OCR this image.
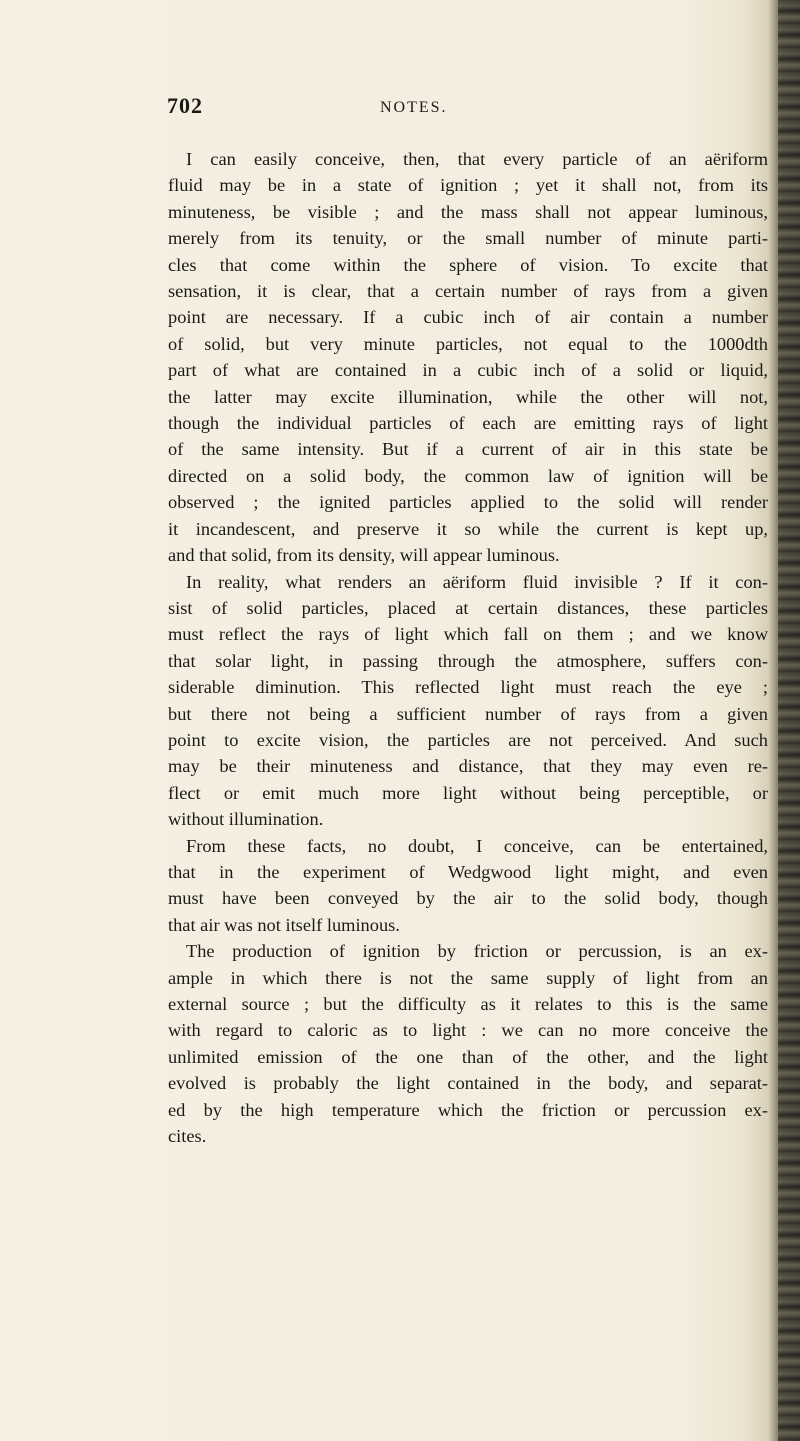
702	NOTES.
I can easily conceive, then, that every particle of an aëriform
fluid may be in a state of ignition ; yet it shall not, from its
minuteness, be visible ; and the mass shall not appear luminous,
merely from its tenuity, or the small number of minute parti-
cles that come within the sphere of vision. To excite that
sensation, it is clear, that a certain number of rays from a given
point are necessary. If a cubic inch of air contain a number
of solid, but very minute particles, not equal to the 1000dth
part of what are contained in a cubic inch of a solid or liquid,
the latter may excite illumination, while the other will not,
though the individual particles of each are emitting rays of light
of the same intensity. But if a current of air in this state be
directed on a solid body, the common law of ignition will be
observed ; the ignited particles applied to the solid will render
it incandescent, and preserve it so while the current is kept up,
and that solid, from its density, will appear luminous.
In reality, what renders an aëriform fluid invisible ? If it con-
sist of solid particles, placed at certain distances, these particles
must reflect the rays of light which fall on them ; and we know
that solar light, in passing through the atmosphere, suffers con-
siderable diminution. This reflected light must reach the eye ;
but there not being a sufficient number of rays from a given
point to excite vision, the particles are not perceived. And such
may be their minuteness and distance, that they may even re-
flect or emit much more light without being perceptible, or
without illumination.
From these facts, no doubt, I conceive, can be entertained,
that in the experiment of Wedgwood light might, and even
must have been conveyed by the air to the solid body, though
that air was not itself luminous.
The production of ignition by friction or percussion, is an ex-
ample in which there is not the same supply of light from an
external source ; but the difficulty as it relates to this is the same
with regard to caloric as to light : we can no more conceive the
unlimited emission of the one than of the other, and the light
evolved is probably the light contained in the body, and separat-
ed by the high temperature which the friction or percussion ex-
cites.
